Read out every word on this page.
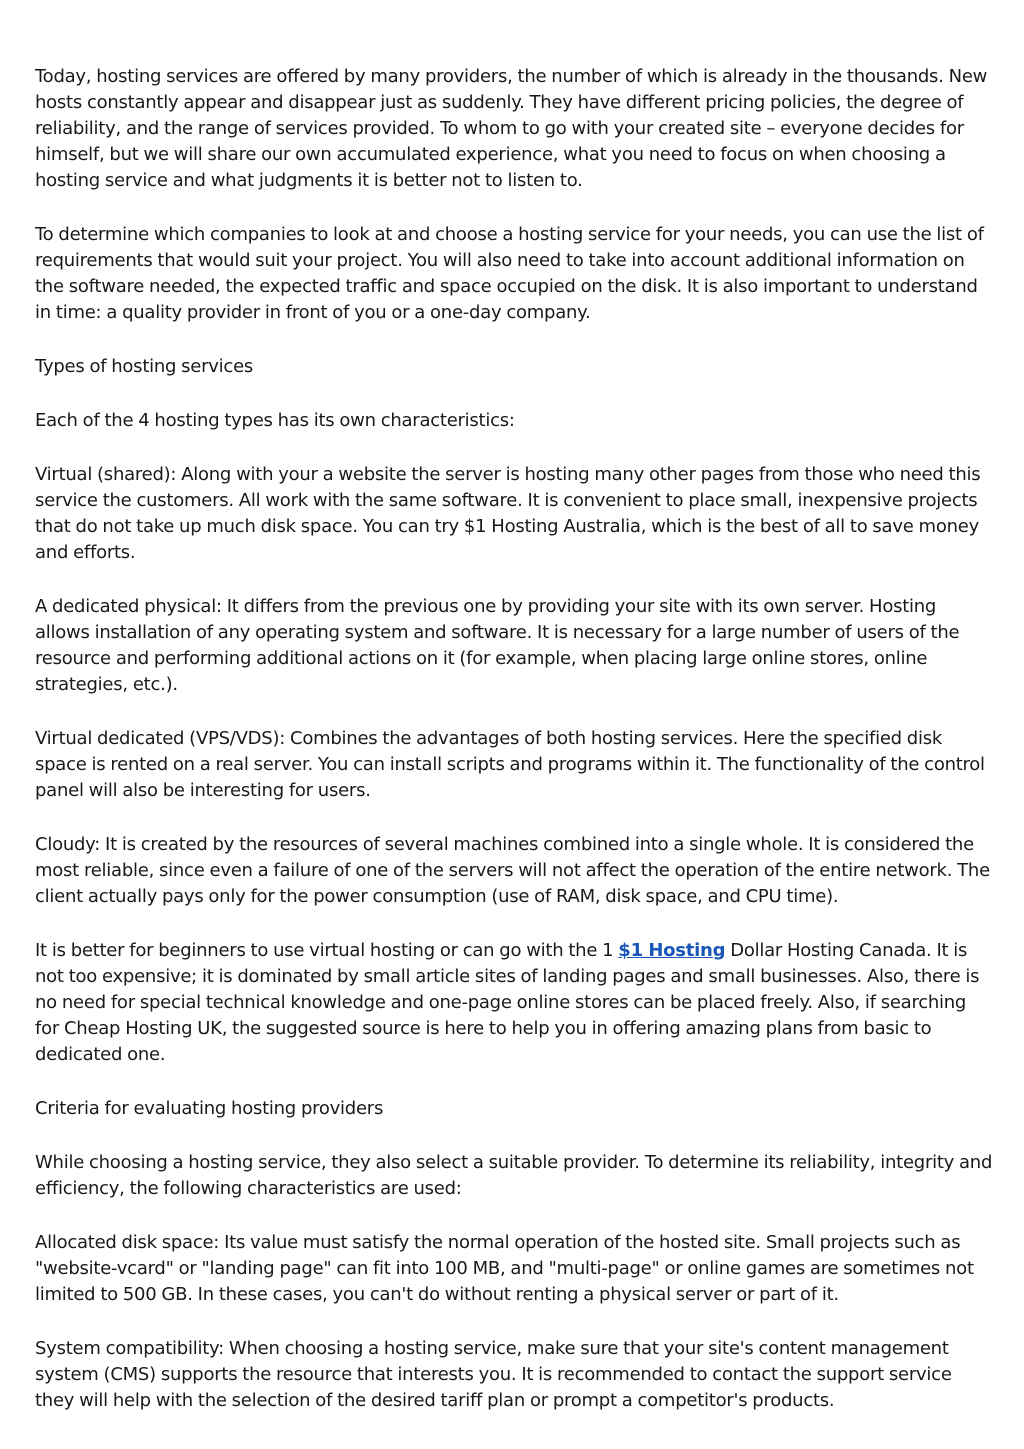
Today, hosting services are offered by many providers, the number of which is already in the thousands. New hosts constantly appear and disappear just as suddenly. They have different pricing policies, the degree of reliability, and the range of services provided. To whom to go with your created site – everyone decides for himself, but we will share our own accumulated experience, what you need to focus on when choosing a hosting service and what judgments it is better not to listen to.

To determine which companies to look at and choose a hosting service for your needs, you can use the list of requirements that would suit your project. You will also need to take into account additional information on the software needed, the expected traffic and space occupied on the disk. It is also important to understand in time: a quality provider in front of you or a one-day company.

Types of hosting services

Each of the 4 hosting types has its own characteristics:

Virtual (shared): Along with your a website the server is hosting many other pages from those who need this service the customers. All work with the same software. It is convenient to place small, inexpensive projects that do not take up much disk space. You can try $1 Hosting Australia, which is the best of all to save money and efforts.

A dedicated physical: It differs from the previous one by providing your site with its own server. Hosting allows installation of any operating system and software. It is necessary for a large number of users of the resource and performing additional actions on it (for example, when placing large online stores, online strategies, etc.).

Virtual dedicated (VPS/VDS): Combines the advantages of both hosting services. Here the specified disk space is rented on a real server. You can install scripts and programs within it. The functionality of the control panel will also be interesting for users.

Cloudy: It is created by the resources of several machines combined into a single whole. It is considered the most reliable, since even a failure of one of the servers will not affect the operation of the entire network. The client actually pays only for the power consumption (use of RAM, disk space, and CPU time).

It is better for beginners to use virtual hosting or can go with the 1 $1 Hosting Dollar Hosting Canada. It is not too expensive; it is dominated by small article sites of landing pages and small businesses. Also, there is no need for special technical knowledge and one-page online stores can be placed freely. Also, if searching for Cheap Hosting UK, the suggested source is here to help you in offering amazing plans from basic to dedicated one.

Criteria for evaluating hosting providers

While choosing a hosting service, they also select a suitable provider. To determine its reliability, integrity and efficiency, the following characteristics are used:

Allocated disk space: Its value must satisfy the normal operation of the hosted site. Small projects such as "website-vcard" or "landing page" can fit into 100 MB, and "multi-page" or online games are sometimes not limited to 500 GB. In these cases, you can't do without renting a physical server or part of it.

System compatibility: When choosing a hosting service, make sure that your site's content management system (CMS) supports the resource that interests you. It is recommended to contact the support service they will help with the selection of the desired tariff plan or prompt a competitor's products.
